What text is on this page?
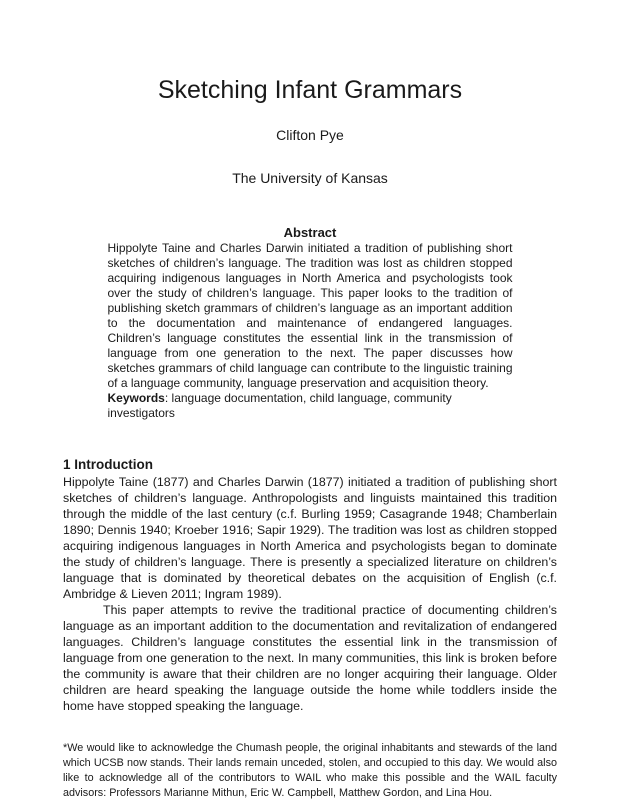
Sketching Infant Grammars
Clifton Pye
The University of Kansas
Abstract

Hippolyte Taine and Charles Darwin initiated a tradition of publishing short sketches of children’s language. The tradition was lost as children stopped acquiring indigenous languages in North America and psychologists took over the study of children’s language. This paper looks to the tradition of publishing sketch grammars of children’s language as an important addition to the documentation and maintenance of endangered languages. Children’s language constitutes the essential link in the transmission of language from one generation to the next. The paper discusses how sketches grammars of child language can contribute to the linguistic training of a language community, language preservation and acquisition theory.

Keywords: language documentation, child language, community investigators

1 Introduction

Hippolyte Taine (1877) and Charles Darwin (1877) initiated a tradition of publishing short sketches of children’s language. Anthropologists and linguists maintained this tradition through the middle of the last century (c.f. Burling 1959; Casagrande 1948; Chamberlain 1890; Dennis 1940; Kroeber 1916; Sapir 1929). The tradition was lost as children stopped acquiring indigenous languages in North America and psychologists began to dominate the study of children’s language. There is presently a specialized literature on children’s language that is dominated by theoretical debates on the acquisition of English (c.f. Ambridge & Lieven 2011; Ingram 1989).

This paper attempts to revive the traditional practice of documenting children’s language as an important addition to the documentation and revitalization of endangered languages. Children’s language constitutes the essential link in the transmission of language from one generation to the next. In many communities, this link is broken before the community is aware that their children are no longer acquiring their language. Older children are heard speaking the language outside the home while toddlers inside the home have stopped speaking the language.

*We would like to acknowledge the Chumash people, the original inhabitants and stewards of the land which UCSB now stands. Their lands remain unceded, stolen, and occupied to this day. We would also like to acknowledge all of the contributors to WAIL who make this possible and the WAIL faculty advisors: Professors Marianne Mithun, Eric W. Campbell, Matthew Gordon, and Lina Hou.
